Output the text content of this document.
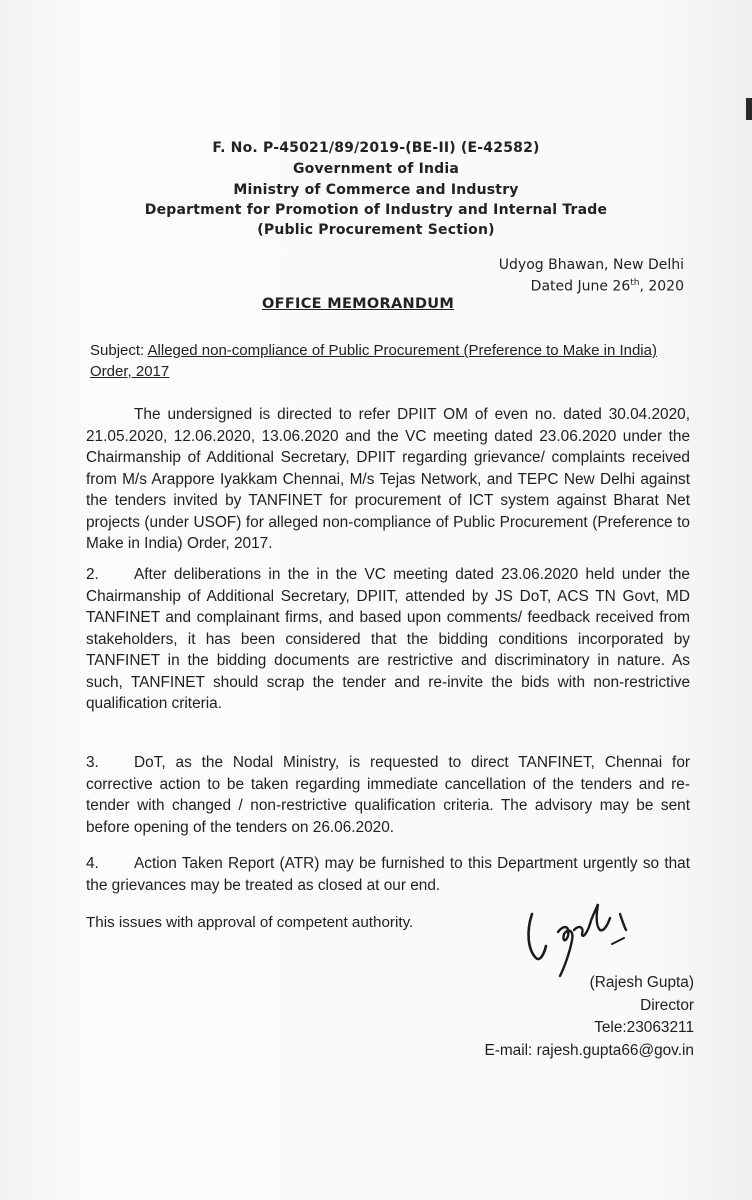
F. No. P-45021/89/2019-(BE-II) (E-42582)
Government of India
Ministry of Commerce and Industry
Department for Promotion of Industry and Internal Trade
(Public Procurement Section)
Udyog Bhawan, New Delhi
Dated June 26th, 2020
OFFICE MEMORANDUM
Subject: Alleged non-compliance of Public Procurement (Preference to Make in India) Order, 2017
The undersigned is directed to refer DPIIT OM of even no. dated 30.04.2020, 21.05.2020, 12.06.2020, 13.06.2020 and the VC meeting dated 23.06.2020 under the Chairmanship of Additional Secretary, DPIIT regarding grievance/ complaints received from M/s Arappore Iyakkam Chennai, M/s Tejas Network, and TEPC New Delhi against the tenders invited by TANFINET for procurement of ICT system against Bharat Net projects (under USOF) for alleged non-compliance of Public Procurement (Preference to Make in India) Order, 2017.
2. After deliberations in the in the VC meeting dated 23.06.2020 held under the Chairmanship of Additional Secretary, DPIIT, attended by JS DoT, ACS TN Govt, MD TANFINET and complainant firms, and based upon comments/ feedback received from stakeholders, it has been considered that the bidding conditions incorporated by TANFINET in the bidding documents are restrictive and discriminatory in nature. As such, TANFINET should scrap the tender and re-invite the bids with non-restrictive qualification criteria.
3. DoT, as the Nodal Ministry, is requested to direct TANFINET, Chennai for corrective action to be taken regarding immediate cancellation of the tenders and re-tender with changed / non-restrictive qualification criteria. The advisory may be sent before opening of the tenders on 26.06.2020.
4. Action Taken Report (ATR) may be furnished to this Department urgently so that the grievances may be treated as closed at our end.
This issues with approval of competent authority.
(Rajesh Gupta)
Director
Tele:23063211
E-mail: rajesh.gupta66@gov.in
